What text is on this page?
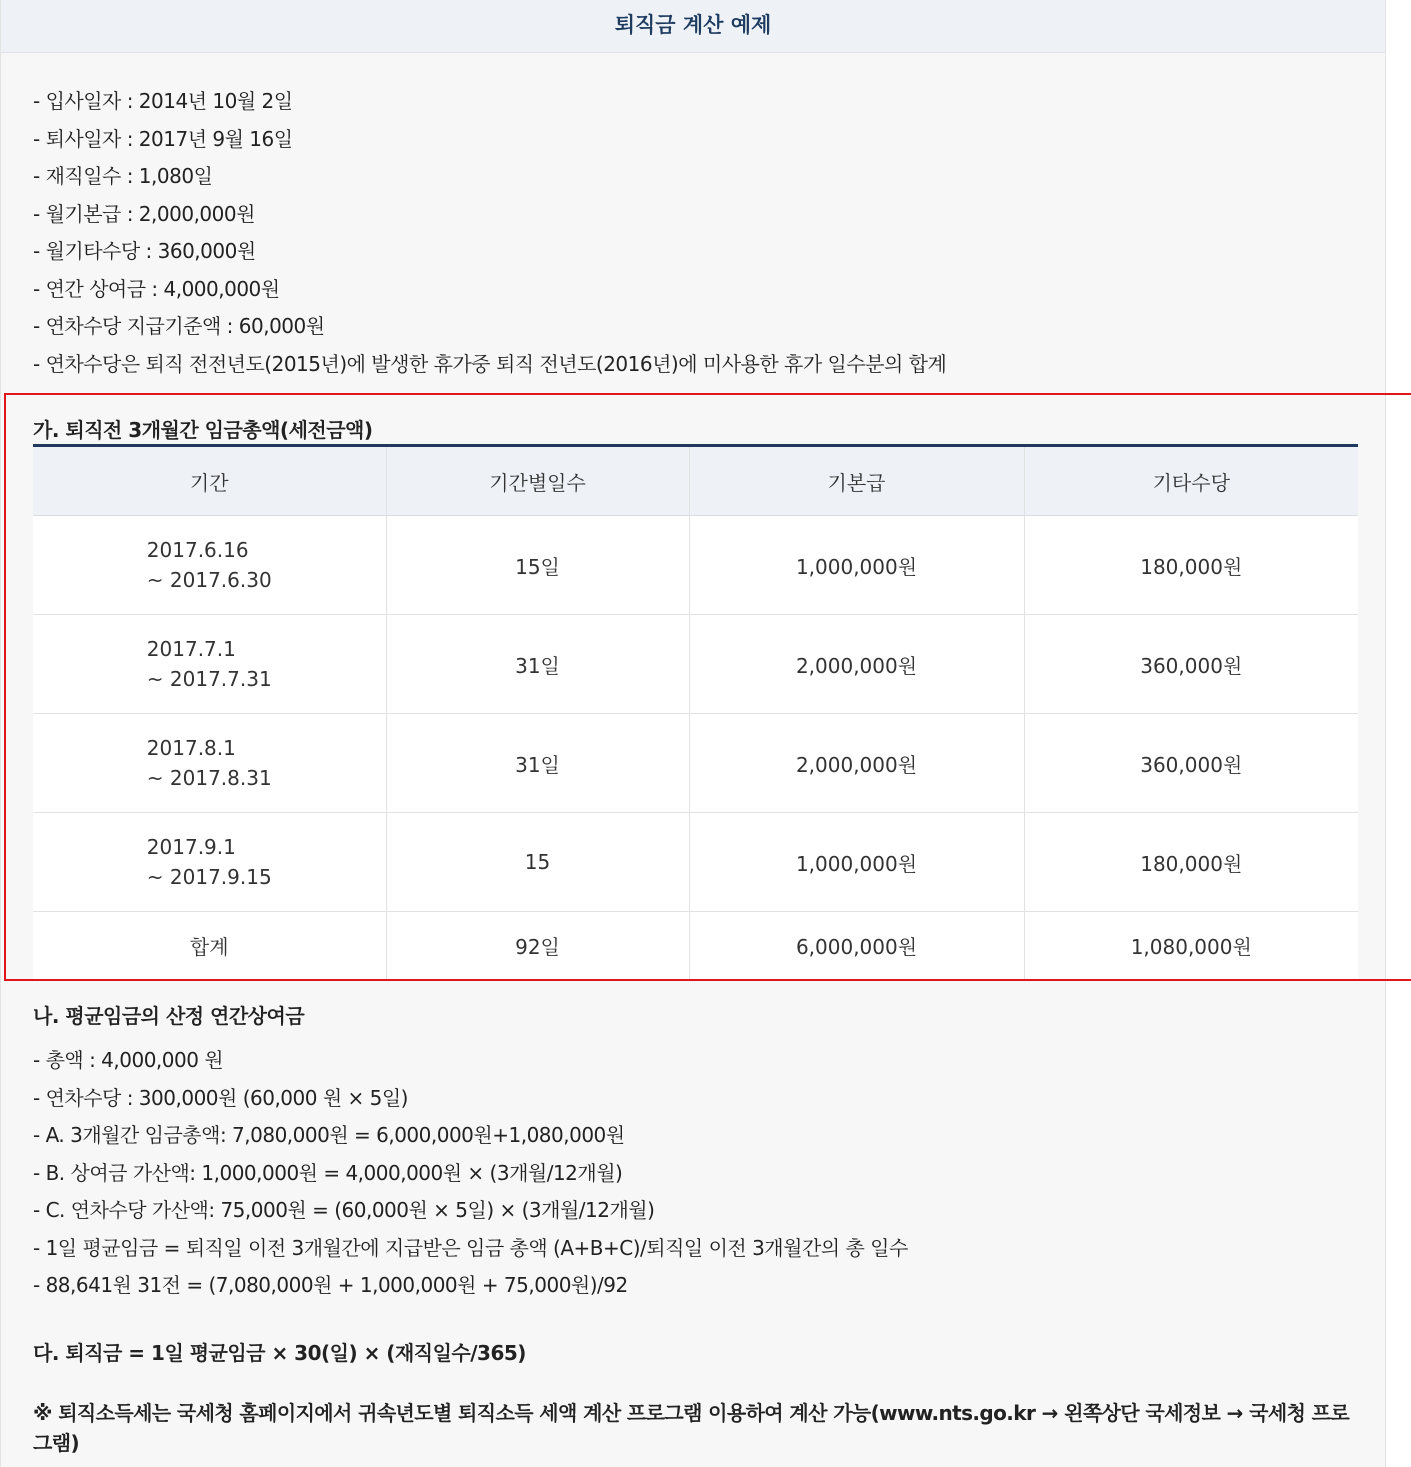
퇴직금 계산 예제
- 입사일자 : 2014년 10월 2일
- 퇴사일자 : 2017년 9월 16일
- 재직일수 : 1,080일
- 월기본급 : 2,000,000원
- 월기타수당 : 360,000원
- 연간 상여금 : 4,000,000원
- 연차수당 지급기준액 : 60,000원
- 연차수당은 퇴직 전전년도(2015년)에 발생한 휴가중 퇴직 전년도(2016년)에 미사용한 휴가 일수분의 합계
가. 퇴직전 3개월간 임금총액(세전금액)
기간	기간별일수	기본급	기타수당
2017.6.16
~ 2017.6.30	15일	1,000,000원	180,000원
2017.7.1
~ 2017.7.31	31일	2,000,000원	360,000원
2017.8.1
~ 2017.8.31	31일	2,000,000원	360,000원
2017.9.1
~ 2017.9.15	15	1,000,000원	180,000원
합계	92일	6,000,000원	1,080,000원
나. 평균임금의 산정 연간상여금
- 총액 : 4,000,000 원
- 연차수당 : 300,000원 (60,000 원 × 5일)
- A. 3개월간 임금총액: 7,080,000원 = 6,000,000원+1,080,000원
- B. 상여금 가산액: 1,000,000원 = 4,000,000원 × (3개월/12개월)
- C. 연차수당 가산액: 75,000원 = (60,000원 × 5일) × (3개월/12개월)
- 1일 평균임금 = 퇴직일 이전 3개월간에 지급받은 임금 총액 (A+B+C)/퇴직일 이전 3개월간의 총 일수
- 88,641원 31전 = (7,080,000원 + 1,000,000원 + 75,000원)/92
다. 퇴직금 = 1일 평균임금 × 30(일) × (재직일수/365)
※ 퇴직소득세는 국세청 홈페이지에서 귀속년도별 퇴직소득 세액 계산 프로그램 이용하여 계산 가능(www.nts.go.kr → 왼쪽상단 국세정보 → 국세청 프로그램)
